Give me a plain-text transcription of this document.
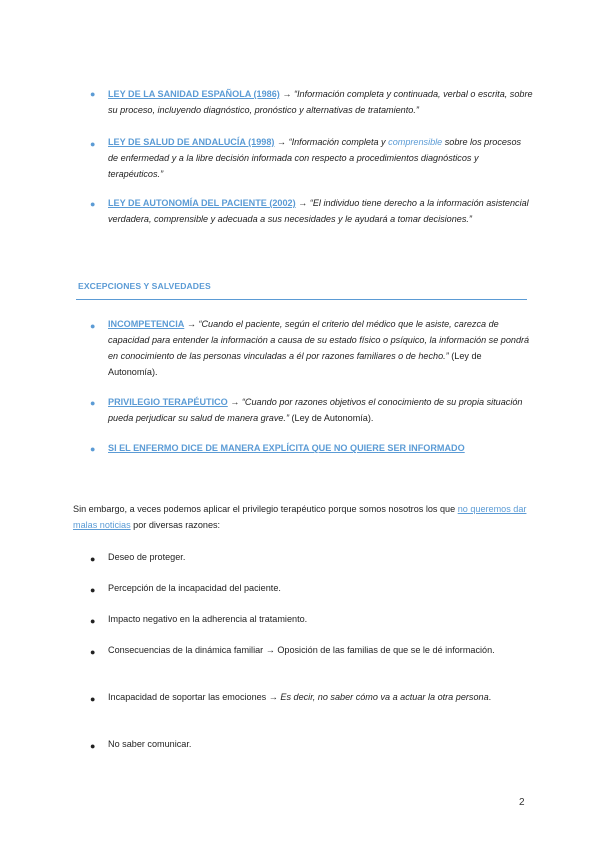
●	LEY DE LA SANIDAD ESPAÑOLA (1986) → “Información completa y continuada, verbal o escrita, sobre su proceso, incluyendo diagnóstico, pronóstico y alternativas de tratamiento.”
●	LEY DE SALUD DE ANDALUCÍA (1998) → “Información completa y comprensible sobre los procesos de enfermedad y a la libre decisión informada con respecto a procedimientos diagnósticos y terapéuticos.”
●	LEY DE AUTONOMÍA DEL PACIENTE (2002) → “El individuo tiene derecho a la información asistencial verdadera, comprensible y adecuada a sus necesidades y le ayudará a tomar decisiones.”
EXCEPCIONES Y SALVEDADES
●	INCOMPETENCIA → “Cuando el paciente, según el criterio del médico que le asiste, carezca de capacidad para entender la información a causa de su estado físico o psíquico, la información se pondrá en conocimiento de las personas vinculadas a él por razones familiares o de hecho.” (Ley de Autonomía).
●	PRIVILEGIO TERAPÉUTICO → “Cuando por razones objetivos el conocimiento de su propia situación pueda perjudicar su salud de manera grave.” (Ley de Autonomía).
●	SI EL ENFERMO DICE DE MANERA EXPLÍCITA QUE NO QUIERE SER INFORMADO
Sin embargo, a veces podemos aplicar el privilegio terapéutico porque somos nosotros los que no queremos dar malas noticias por diversas razones:
●	Deseo de proteger.
●	Percepción de la incapacidad del paciente.
●	Impacto negativo en la adherencia al tratamiento.
●	Consecuencias de la dinámica familiar → Oposición de las familias de que se le dé información.
●	Incapacidad de soportar las emociones → Es decir, no saber cómo va a actuar la otra persona.
●	No saber comunicar.
2
